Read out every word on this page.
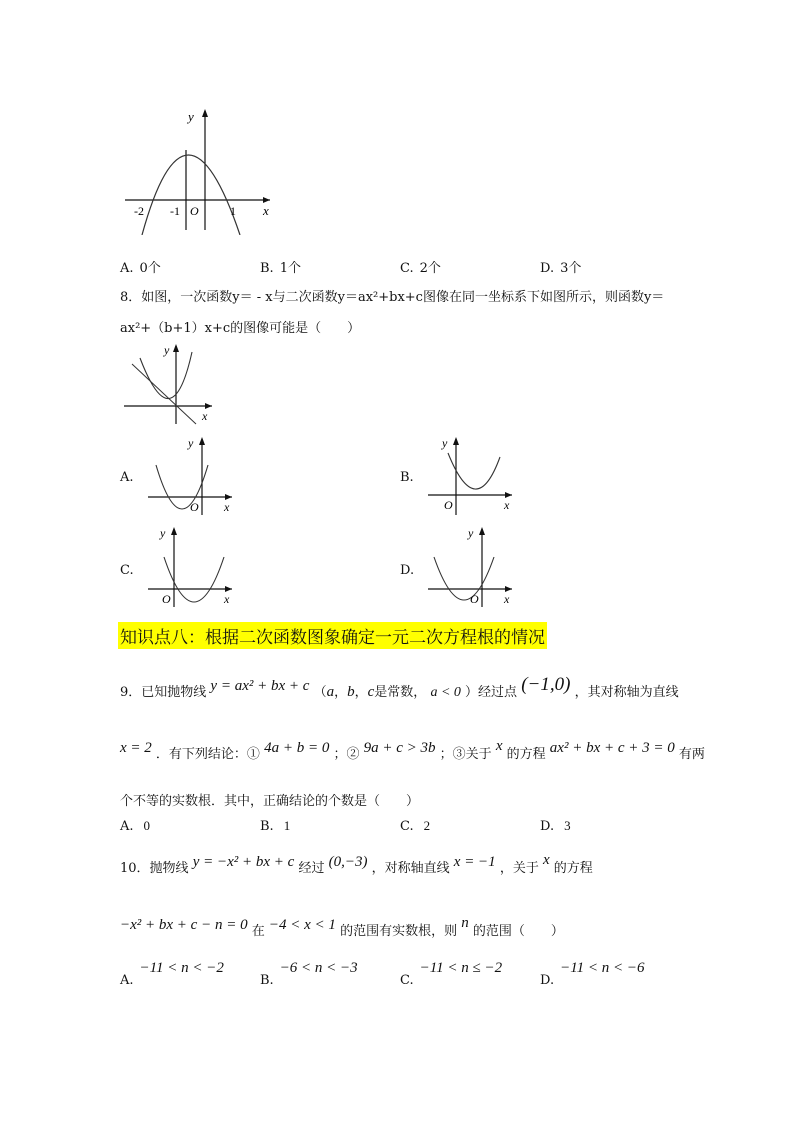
y
x
-2 -1 O	1
A. 0个	B. 1个	C. 2个	D. 3个
8．如图，一次函数y＝ - x与二次函数y＝ax²+bx+c图像在同一坐标系下如图所示，则函数y＝
ax²+（b+1）x+c的图像可能是（　　）
y
x
A.
y
x
O
B.
y
x
O
C.
y
x
O
D.
y
x
O
知识点八：根据二次函数图象确定一元二次方程根的情况
9．已知抛物线 y = ax² + bx + c （a，b，c是常数， a < 0 ）经过点 (−1,0) ，其对称轴为直线
x = 2 ．有下列结论：① 4a + b = 0 ；② 9a + c > 3b ；③关于 x 的方程 ax² + bx + c + 3 = 0 有两
个不等的实数根．其中，正确结论的个数是（　　）
A. 0	B. 1	C. 2	D. 3
10．抛物线 y = −x² + bx + c 经过 (0,−3) ，对称轴直线 x = −1 ，关于 x 的方程
−x² + bx + c − n = 0 在 −4 < x < 1 的范围有实数根，则 n 的范围（　　）
A.−11 < n < −2
B.−6 < n < −3
C.−11 < n ≤ −2
D.−11 < n < −6
